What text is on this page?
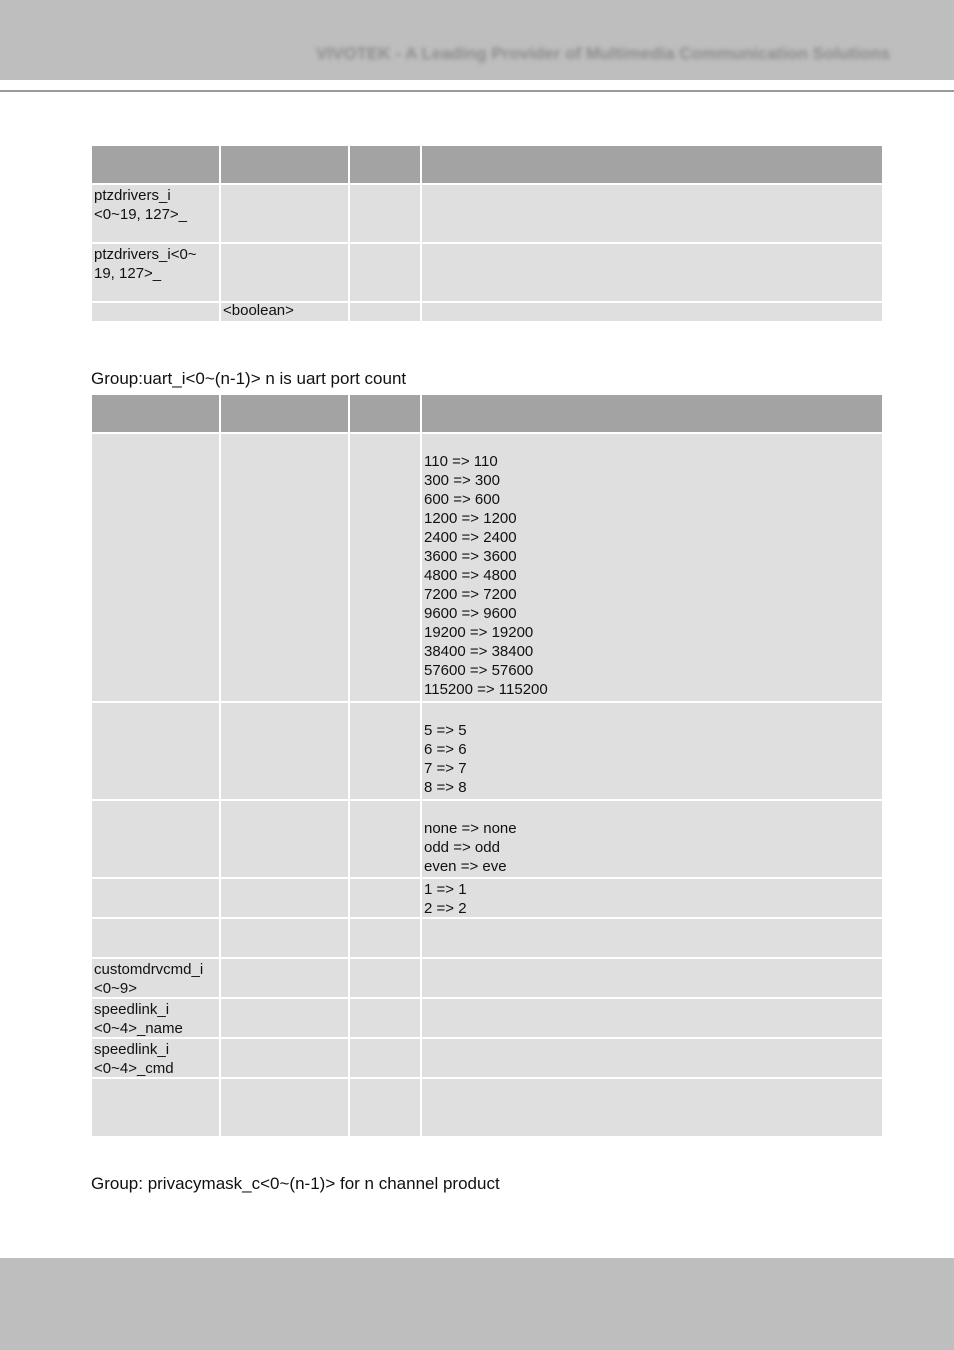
VIVOTEK - A Leading Provider of Multimedia Communication Solutions
ptzdrivers_i
<0~19, 127>_
ptzdrivers_i<0~
19, 127>_
<boolean>
Group:uart_i<0~(n-1)> n is uart port count
110 => 110
300 => 300
600 => 600
1200 => 1200
2400 => 2400
3600 => 3600
4800 => 4800
7200 => 7200
9600 => 9600
19200 => 19200
38400 => 38400
57600 => 57600
115200 => 115200
5 => 5
6 => 6
7 => 7
8 => 8
none => none
odd => odd
even => eve
1 => 1
2 => 2
customdrvcmd_i
<0~9>
speedlink_i
<0~4>_name
speedlink_i
<0~4>_cmd
Group: privacymask_c<0~(n-1)> for n channel product
